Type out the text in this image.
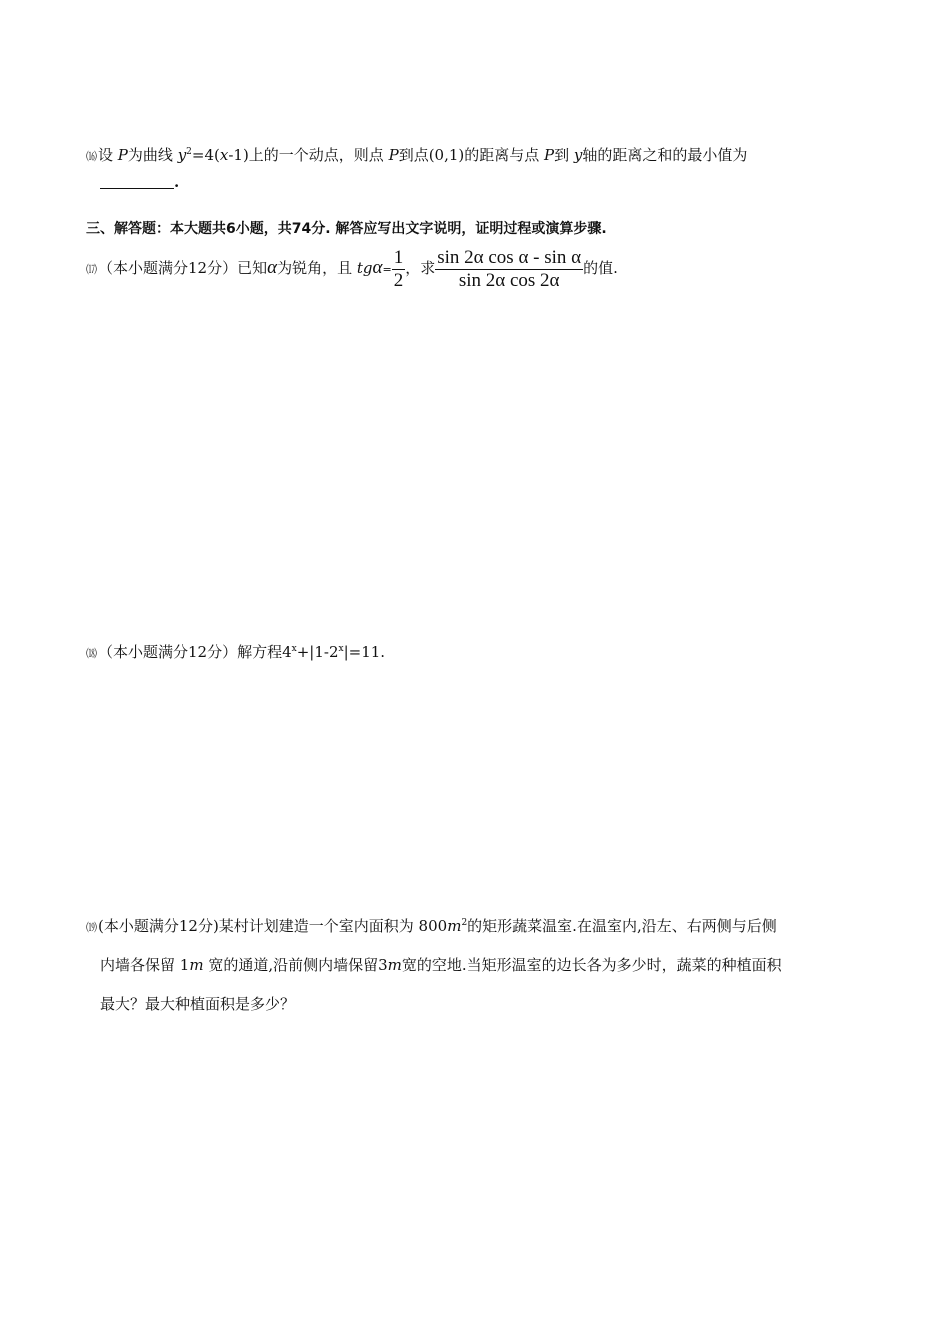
⒃ 设 P为曲线 $y^2=4(x-1)$上的一个动点，则点 P到点(0,1)的距离与点 P到 y轴的距离之和的最小值为
.
三、解答题：本大题共6小题，共74分. 解答应写出文字说明，证明过程或演算步骤.
⒄ （本小题满分12分）已知α为锐角，且 $tg\alpha= \frac{1}{2}$ ，求 $\frac{\text{sin 2α cos α - sin α}}{\text{sin 2α cos 2α}}$ 的值.
⒅ （本小题满分12分）解方程$4^x+|1-2^x|=11$.
⒆ (本小题满分12分)某村计划建造一个室内面积为 $800m^2$的矩形蔬菜温室.在温室内,沿左、右两侧与后侧
内墙各保留 1m 宽的通道,沿前侧内墙保留3m宽的空地.当矩形温室的边长各为多少时，蔬菜的种植面积
最大？最大种植面积是多少？
